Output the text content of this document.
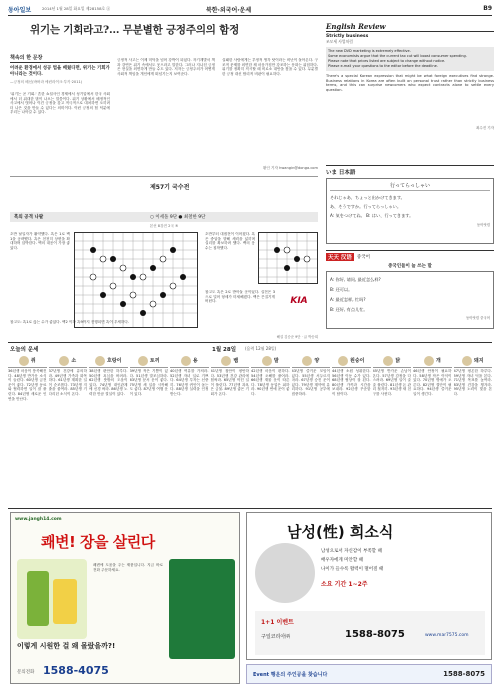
동아일보	2014년 1월 28일 화요일 제28158호 ⓐ	북한·외국어·운세	B9
위기는 기회라고?… 무분별한 긍정주의의 함정
책속의 한 문장
어려운 환경에서 성공 법을 배웠다면, 위기는 기회가 아니라는 것이다.
—긍정의 배신(바버라 에런라이크·부키·2011)
'위기는 곧 기회.' 흔한 쇼셜사인 경제에서 성기업에서 한국 사회에서 더 위대한 많이 나오는 말씀이다. 위기 상황에서 배정적인 사고에서 벗어나 이건 긍정을 갖고 적극적으로 대처하면 오히려 더 나은 것을 만들 수 있다는 의미이다. 이런 긍정의 힘 덕분에 우리는 나아갈 수 있다.
긍정적 사고는 이제 미덕을 넘어 강박이 되었다. 자기계발서 책과 강연은 위기 속에서도 웃으라고 말한다. 그러나 지나친 긍정은 현실을 외면하게 만들 수도 있다. 저자는 긍정주의가 어떻게 사회적 책임을 개인에게 떠넘기는지 보여준다.
실패한 사람에게는 부정적 생각 탓이라는 비난이 돌아온다. 구조적 문제를 외면한 채 마음가짐만 강조하는 문화는 위험하다. 위기를 정확히 직시할 때 비로소 대안을 찾을 수 있다. 무분별한 긍정 대신 합리적 비판이 필요하다.
황인 기자 hwangin@donga.com
제57기 국수전
흑의 공격 나팔	○ 이세돌 9단 ● 최철한 9단
본선 8강전 2국 ⑤
초반 날일자가 활약했다. 흑은 1로 백 1을 공략했다. 흑은 천천히 상변을 확대하며 압박한다. 백의 대응이 가장 좋았다.
초반부터 대접전이 이어졌다. 흑은 중앙을 향해 세력을 넓히며 실리를 확보하려 했다. 백의 응수는 침착했다.
참고도 흑은 2로 받아둘 곳이었다. 실전은 3으로 밀어 형세가 미세해졌다. 백은 끈질기게 버틴다.	KIA
참고도: 흑1로 끊는 수가 좋았다. 백2 이하 흑9까지 진행되면 흑이 우세하다.
해설 김승준 9단 · 글 박승희
English Review
Strictly business
조모세 사업처럼
The new DVD marketing is extremely effective.
Some economists argue that the current tax cut will boost consumer spending.
Please note that prices listed are subject to change without notice.
Please e-mail your questions to the editor before the deadline.
There's a special Korean expression that might be what foreign executives find strange. Business relations in Korea are often built on personal trust rather than strictly business terms, and this can surprise newcomers who expect contracts alone to settle every question.
최수진 기자
いま 日本語
行ってらっしゃい
それじゃあ、ちょっと出かけてきます。
あ、そうですか。行ってらっしゃい。
A: 気をつけてね。 B: はい、行ってきます。
동아닷컴
天天 汉语	중국어
중국인들이 늘 쓰는 말
A: 你好, 请问, 最近怎么样?
B: 还可以。
A: 最近怎样, 忙吗?
B: 还好, 有点儿忙。
동아닷컴 중국어
오늘의 운세	1월 28일 (음력 12월 28일)
쥐
36년생 마음이 풍족해진다. 48년생 반가운 소식이 들린다. 60년생 금전 운이 좋다. 72년생 동료와 협력하면 일이 잘 풀린다. 84년생 새로운 인연을 만난다.
소
37년생 건강에 유의하라. 49년생 가족과 화목하다. 61년생 계획한 일이 순조롭다. 73년생 지출을 줄여라. 85년생 기다리던 소식이 온다.
호랑이
38년생 편안한 하루다. 50년생 욕심을 버려라. 62년생 뜻밖의 도움이 있다. 74년생 대인관계에 신경 써라. 86년생 노력한 만큼 결실이 있다.
토끼
39년생 작은 기쁨이 있다. 51년생 말조심하라. 63년생 문서 운이 좋다. 75년생 새 일을 시작해도 좋다. 87년생 여행 운이 있다.
용
40년생 여유를 가져라. 52년생 자녀 일로 기쁘다. 64년생 투자는 신중히. 76년생 귀인이 돕는다. 88년생 실력을 인정받는다.
뱀
41년생 집안이 평안하다. 53년생 건강 관리에 힘써라. 65년생 막힌 일이 풀린다. 77년생 과욕은 금물. 89년생 좋은 기회가 온다.
말
42년생 마음이 편하다. 54년생 오해를 풀어라. 66년생 재물 운이 따른다. 78년생 동업은 피하라. 90년생 연애 운이 좋다.
양
43년생 즐거운 모임이 있다. 55년생 서두르지 마라. 67년생 승진 운이 있다. 79년생 계약에 유리하다. 91년생 공부에 집중하라.
원숭이
44년생 소원 성취한다. 56년생 이동 수가 있다. 68년생 협상이 잘 된다. 80년생 가족과 시간을 보내라. 92년생 꾸준함이 답이다.
닭
45년생 반가운 손님이 온다. 57년생 감정을 다스려라. 69년생 일이 술술 풀린다. 81년생 돈 관리 철저히. 93년생 새 친구를 사귄다.
개
46년생 안정이 필요하다. 58년생 작은 이익이 있다. 70년생 명예가 오른다. 82년생 결단이 필요하다. 94년생 즐거운 일이 생긴다.
돼지
47년생 평온한 하루다. 59년생 자녀 덕을 본다. 71년생 목표를 높여라. 83년생 건강을 챙겨라. 95년생 노력이 빛을 본다.
www.jangh14.com
쾌변! 장을 살린다
쾌변에 도움을 주는 제품입니다. 지금 바로 전화 주문하세요.
이렇게 시원한 걸 왜 몰랐을까?!
문의전화 1588-4075
남성(性) 희소식
남성으로서 자신감이 부족할 때
배우자에게 미안할 때
나이가 들수록 활력이 떨어질 때
소요 기간 1~2주
1+1 이벤트
구일코리아㈜	1588-8075	www.mar7575.com
Event 행운의 주인공을 찾습니다	1588-8075
